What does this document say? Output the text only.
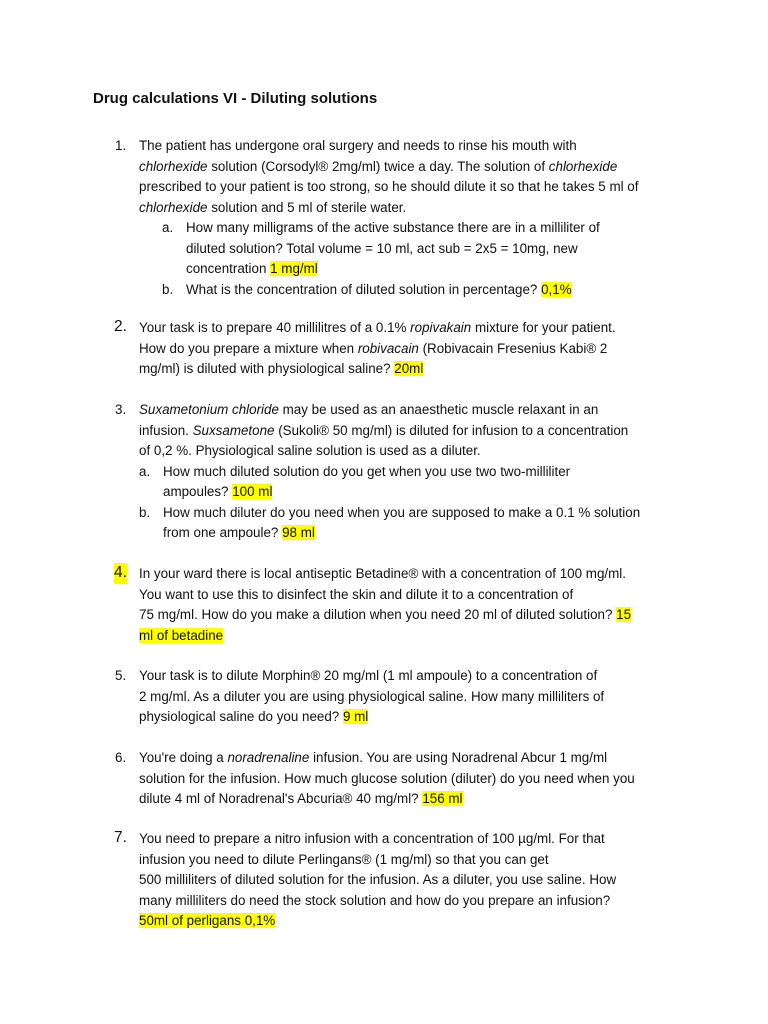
Drug calculations VI - Diluting solutions
1. The patient has undergone oral surgery and needs to rinse his mouth with
chlorhexide solution (Corsodyl® 2mg/ml) twice a day. The solution of chlorhexide
prescribed to your patient is too strong, so he should dilute it so that he takes 5 ml of
chlorhexide solution and 5 ml of sterile water.
a. How many milligrams of the active substance there are in a milliliter of
diluted solution? Total volume = 10 ml, act sub = 2x5 = 10mg, new
concentration 1 mg/ml
b. What is the concentration of diluted solution in percentage? 0,1%
2. Your task is to prepare 40 millilitres of a 0.1% ropivakain mixture for your patient.
How do you prepare a mixture when robivacain (Robivacain Fresenius Kabi® 2
mg/ml) is diluted with physiological saline? 20ml
3. Suxametonium chloride may be used as an anaesthetic muscle relaxant in an
infusion. Suxsametone (Sukoli® 50 mg/ml) is diluted for infusion to a concentration
of 0,2 %. Physiological saline solution is used as a diluter.
a. How much diluted solution do you get when you use two two-milliliter
ampoules? 100 ml
b. How much diluter do you need when you are supposed to make a 0.1 % solution
from one ampoule? 98 ml
4. In your ward there is local antiseptic Betadine® with a concentration of 100 mg/ml.
You want to use this to disinfect the skin and dilute it to a concentration of
75 mg/ml. How do you make a dilution when you need 20 ml of diluted solution? 15
ml of betadine
5. Your task is to dilute Morphin® 20 mg/ml (1 ml ampoule) to a concentration of
2 mg/ml. As a diluter you are using physiological saline. How many milliliters of
physiological saline do you need? 9 ml
6. You're doing a noradrenaline infusion. You are using Noradrenal Abcur 1 mg/ml
solution for the infusion. How much glucose solution (diluter) do you need when you
dilute 4 ml of Noradrenal's Abcuria® 40 mg/ml? 156 ml
7. You need to prepare a nitro infusion with a concentration of 100 µg/ml. For that
infusion you need to dilute Perlingans® (1 mg/ml) so that you can get
500 milliliters of diluted solution for the infusion. As a diluter, you use saline. How
many milliliters do need the stock solution and how do you prepare an infusion?
50ml of perligans 0,1%
